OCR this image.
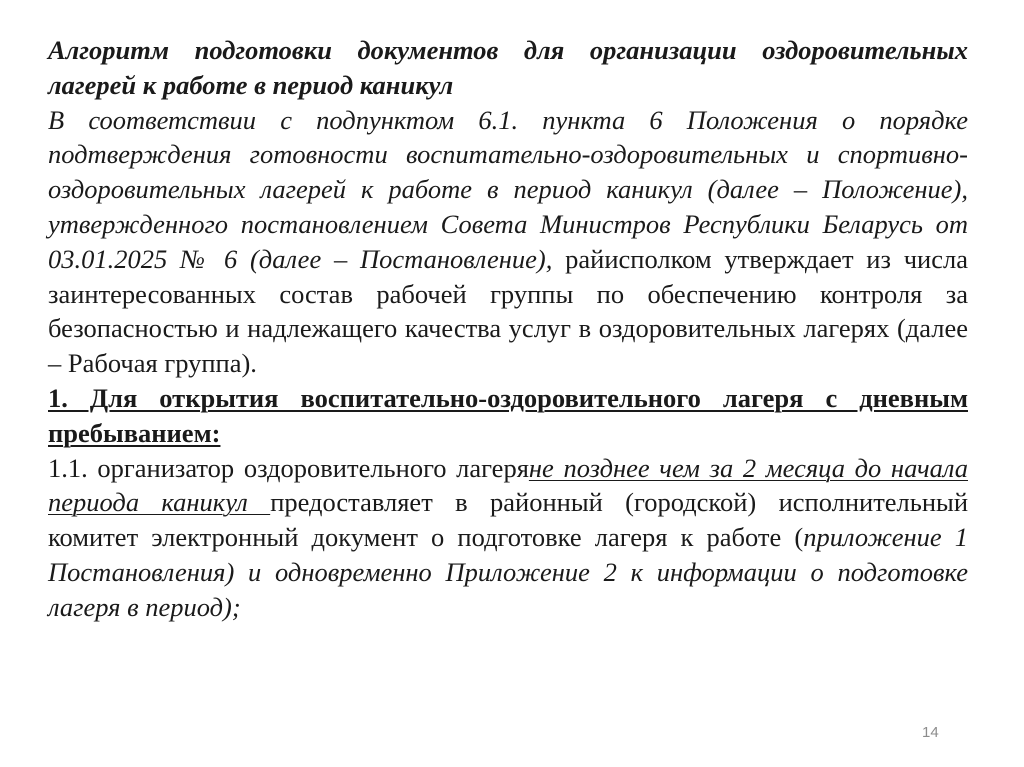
Алгоритм подготовки документов для организации оздоровительных лагерей к работе в период каникул

В соответствии с подпунктом 6.1. пункта 6 Положения о порядке подтверждения готовности воспитательно-оздоровительных и спортивно-оздоровительных лагерей к работе в период каникул (далее – Положение), утвержденного постановлением Совета Министров Республики Беларусь от 03.01.2025 № 6 (далее – Постановление), райисполком утверждает из числа заинтересованных состав рабочей группы по обеспечению контроля за безопасностью и надлежащего качества услуг в оздоровительных лагерях (далее – Рабочая группа).

1. Для открытия воспитательно-оздоровительного лагеря с дневным пребыванием:

1.1. организатор оздоровительного лагеряне позднее чем за 2 месяца до начала периода каникул предоставляет в районный (городской) исполнительный комитет электронный документ о подготовке лагеря к работе (приложение 1 Постановления) и одновременно Приложение 2 к информации о подготовке лагеря в период);

14
